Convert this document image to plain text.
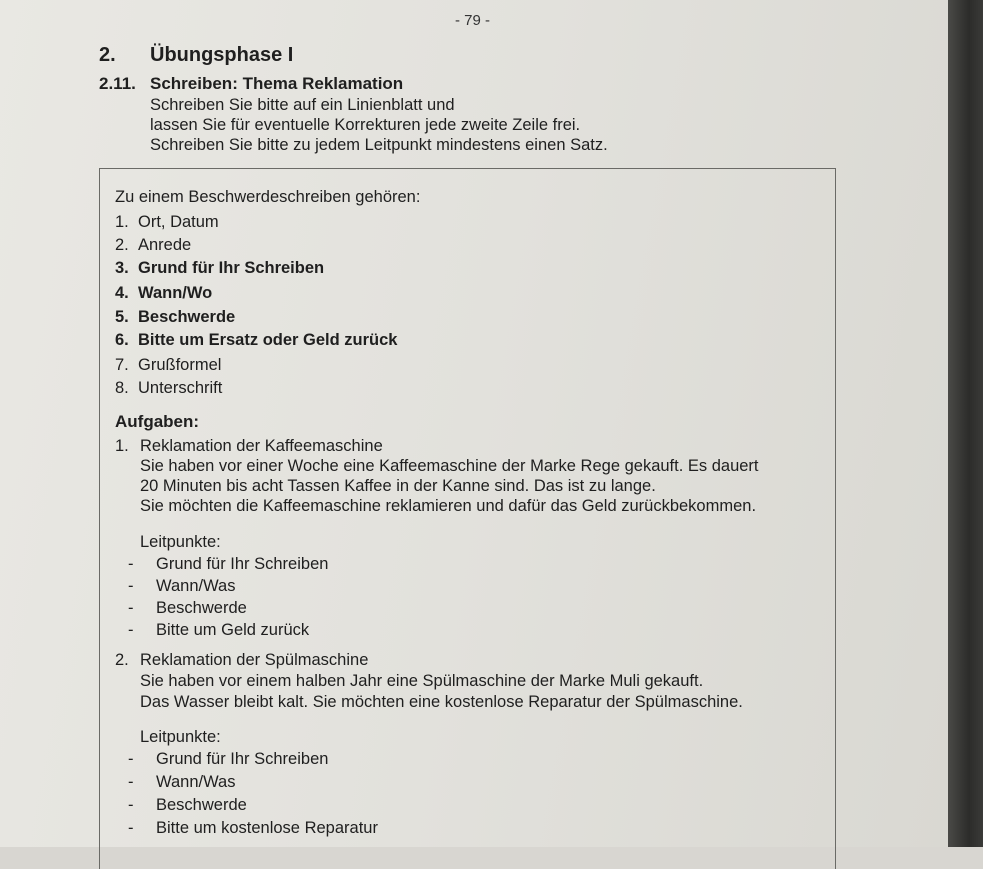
- 79 -
2. Übungsphase I
2.11. Schreiben: Thema Reklamation
Schreiben Sie bitte auf ein Linienblatt und
lassen Sie für eventuelle Korrekturen jede zweite Zeile frei.
Schreiben Sie bitte zu jedem Leitpunkt mindestens einen Satz.
Zu einem Beschwerdeschreiben gehören:
1. Ort, Datum
2. Anrede
3. Grund für Ihr Schreiben
4. Wann/Wo
5. Beschwerde
6. Bitte um Ersatz oder Geld zurück
7. Grußformel
8. Unterschrift
Aufgaben:
1. Reklamation der Kaffeemaschine
Sie haben vor einer Woche eine Kaffeemaschine der Marke Rege gekauft. Es dauert
20 Minuten bis acht Tassen Kaffee in der Kanne sind. Das ist zu lange.
Sie möchten die Kaffeemaschine reklamieren und dafür das Geld zurückbekommen.
Leitpunkte:
- Grund für Ihr Schreiben
- Wann/Was
- Beschwerde
- Bitte um Geld zurück
2. Reklamation der Spülmaschine
Sie haben vor einem halben Jahr eine Spülmaschine der Marke Muli gekauft.
Das Wasser bleibt kalt. Sie möchten eine kostenlose Reparatur der Spülmaschine.
Leitpunkte:
- Grund für Ihr Schreiben
- Wann/Was
- Beschwerde
- Bitte um kostenlose Reparatur
